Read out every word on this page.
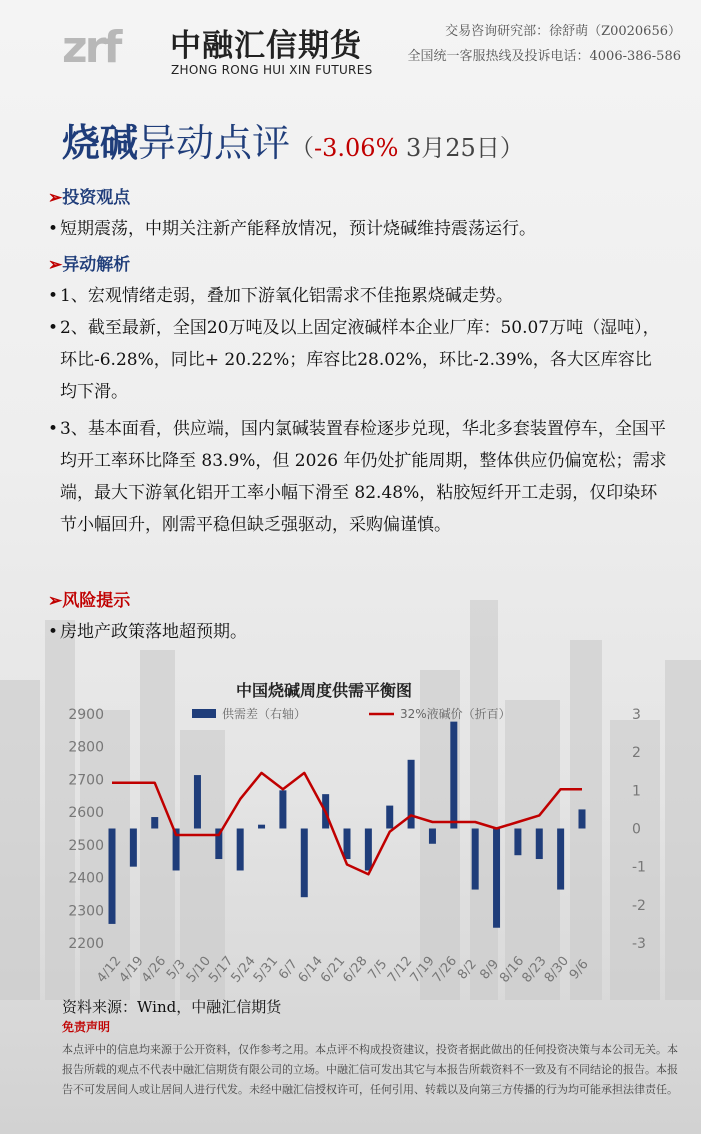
zrf 中融汇信期货
ZHONG RONG HUI XIN FUTURES
交易咨询研究部：徐舒萌（Z0020656）
全国统一客服热线及投诉电话：4006-386-586
烧碱异动点评（-3.06% 3月25日）
➢投资观点
• 短期震荡，中期关注新产能释放情况，预计烧碱维持震荡运行。
➢异动解析
• 1、宏观情绪走弱，叠加下游氧化铝需求不佳拖累烧碱走势。
• 2、截至最新，全国20万吨及以上固定液碱样本企业厂库：50.07万吨（湿吨），环比-6.28%，同比+ 20.22%；库容比28.02%，环比-2.39%，各大区库容比均下滑。
• 3、基本面看，供应端，国内氯碱装置春检逐步兑现，华北多套装置停车，全国平均开工率环比降至 83.9%，但 2026 年仍处扩能周期，整体供应仍偏宽松；需求端，最大下游氧化铝开工率小幅下滑至 82.48%，粘胶短纤开工走弱，仅印染环节小幅回升，刚需平稳但缺乏强驱动，采购偏谨慎。
➢风险提示
• 房地产政策落地超预期。
中国烧碱周度供需平衡图
供需差（右轴）	32%液碱价（折百）
2900
2800
2700
2600
2500
2400
2300
2200
3
2
1
0
-1
-2
-3
4/12
4/19
4/26
5/3
5/10
5/17
5/24
5/31
6/7
6/14
6/21
6/28
7/5
7/12
7/19
7/26
8/2
8/9
8/16
8/23
8/30
9/6
资料来源：Wind，中融汇信期货
免责声明
本点评中的信息均来源于公开资料，仅作参考之用。本点评不构成投资建议，投资者据此做出的任何投资决策与本公司无关。本报告所载的观点不代表中融汇信期货有限公司的立场。中融汇信可发出其它与本报告所载资料不一致及有不同结论的报告。本报告不可发居间人或让居间人进行代发。未经中融汇信授权许可，任何引用、转载以及向第三方传播的行为均可能承担法律责任。
